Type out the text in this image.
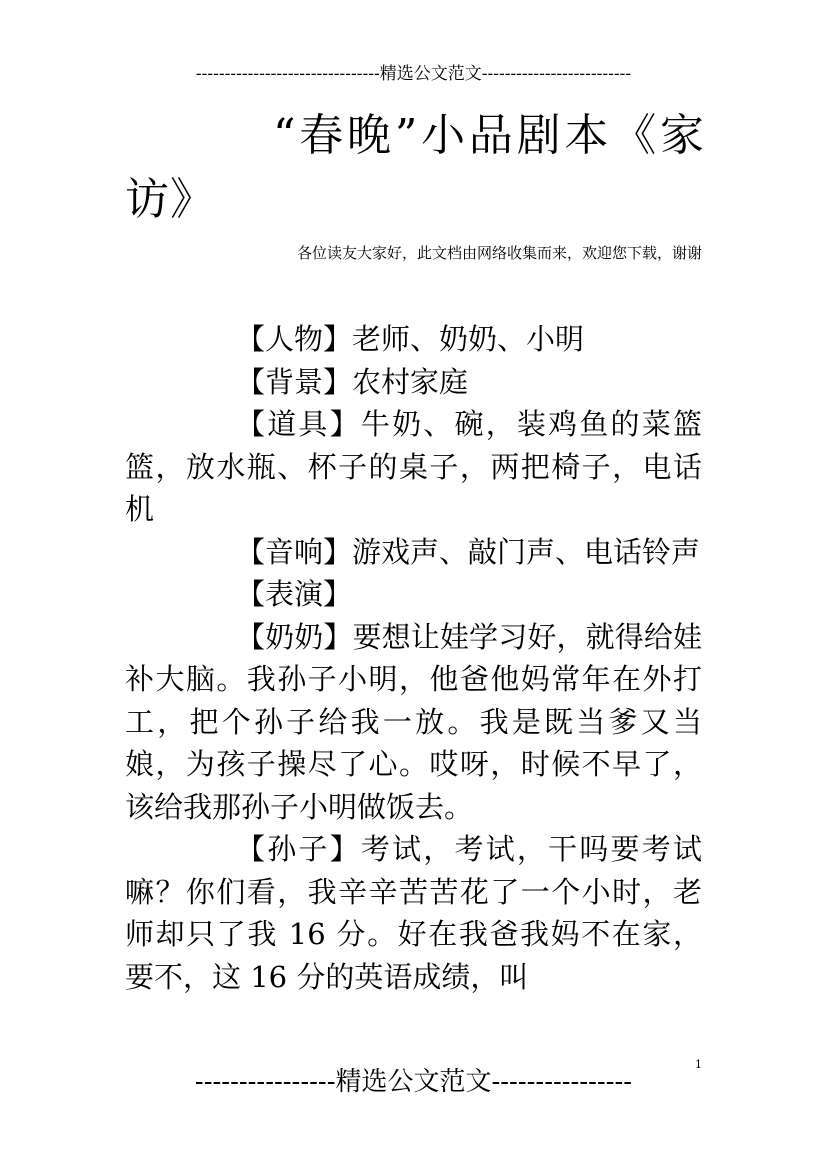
--------------------------------精选公文范文--------------------------
“春晚”小品剧本《家访》
各位读友大家好，此文档由网络收集而来，欢迎您下载，谢谢

【人物】老师、奶奶、小明

【背景】农村家庭

【道具】牛奶、碗，装鸡鱼的菜篮篮，放水瓶、杯子的桌子，两把椅子，电话机

【音响】游戏声、敲门声、电话铃声

【表演】

【奶奶】要想让娃学习好，就得给娃补大脑。我孙子小明，他爸他妈常年在外打工，把个孙子给我一放。我是既当爹又当娘，为孩子操尽了心。哎呀，时候不早了，该给我那孙子小明做饭去。

【孙子】考试，考试，干吗要考试嘛？你们看，我辛辛苦苦花了一个小时，老师却只了我 16 分。好在我爸我妈不在家，要不，这 16 分的英语成绩，叫

1
----------------精选公文范文----------------
